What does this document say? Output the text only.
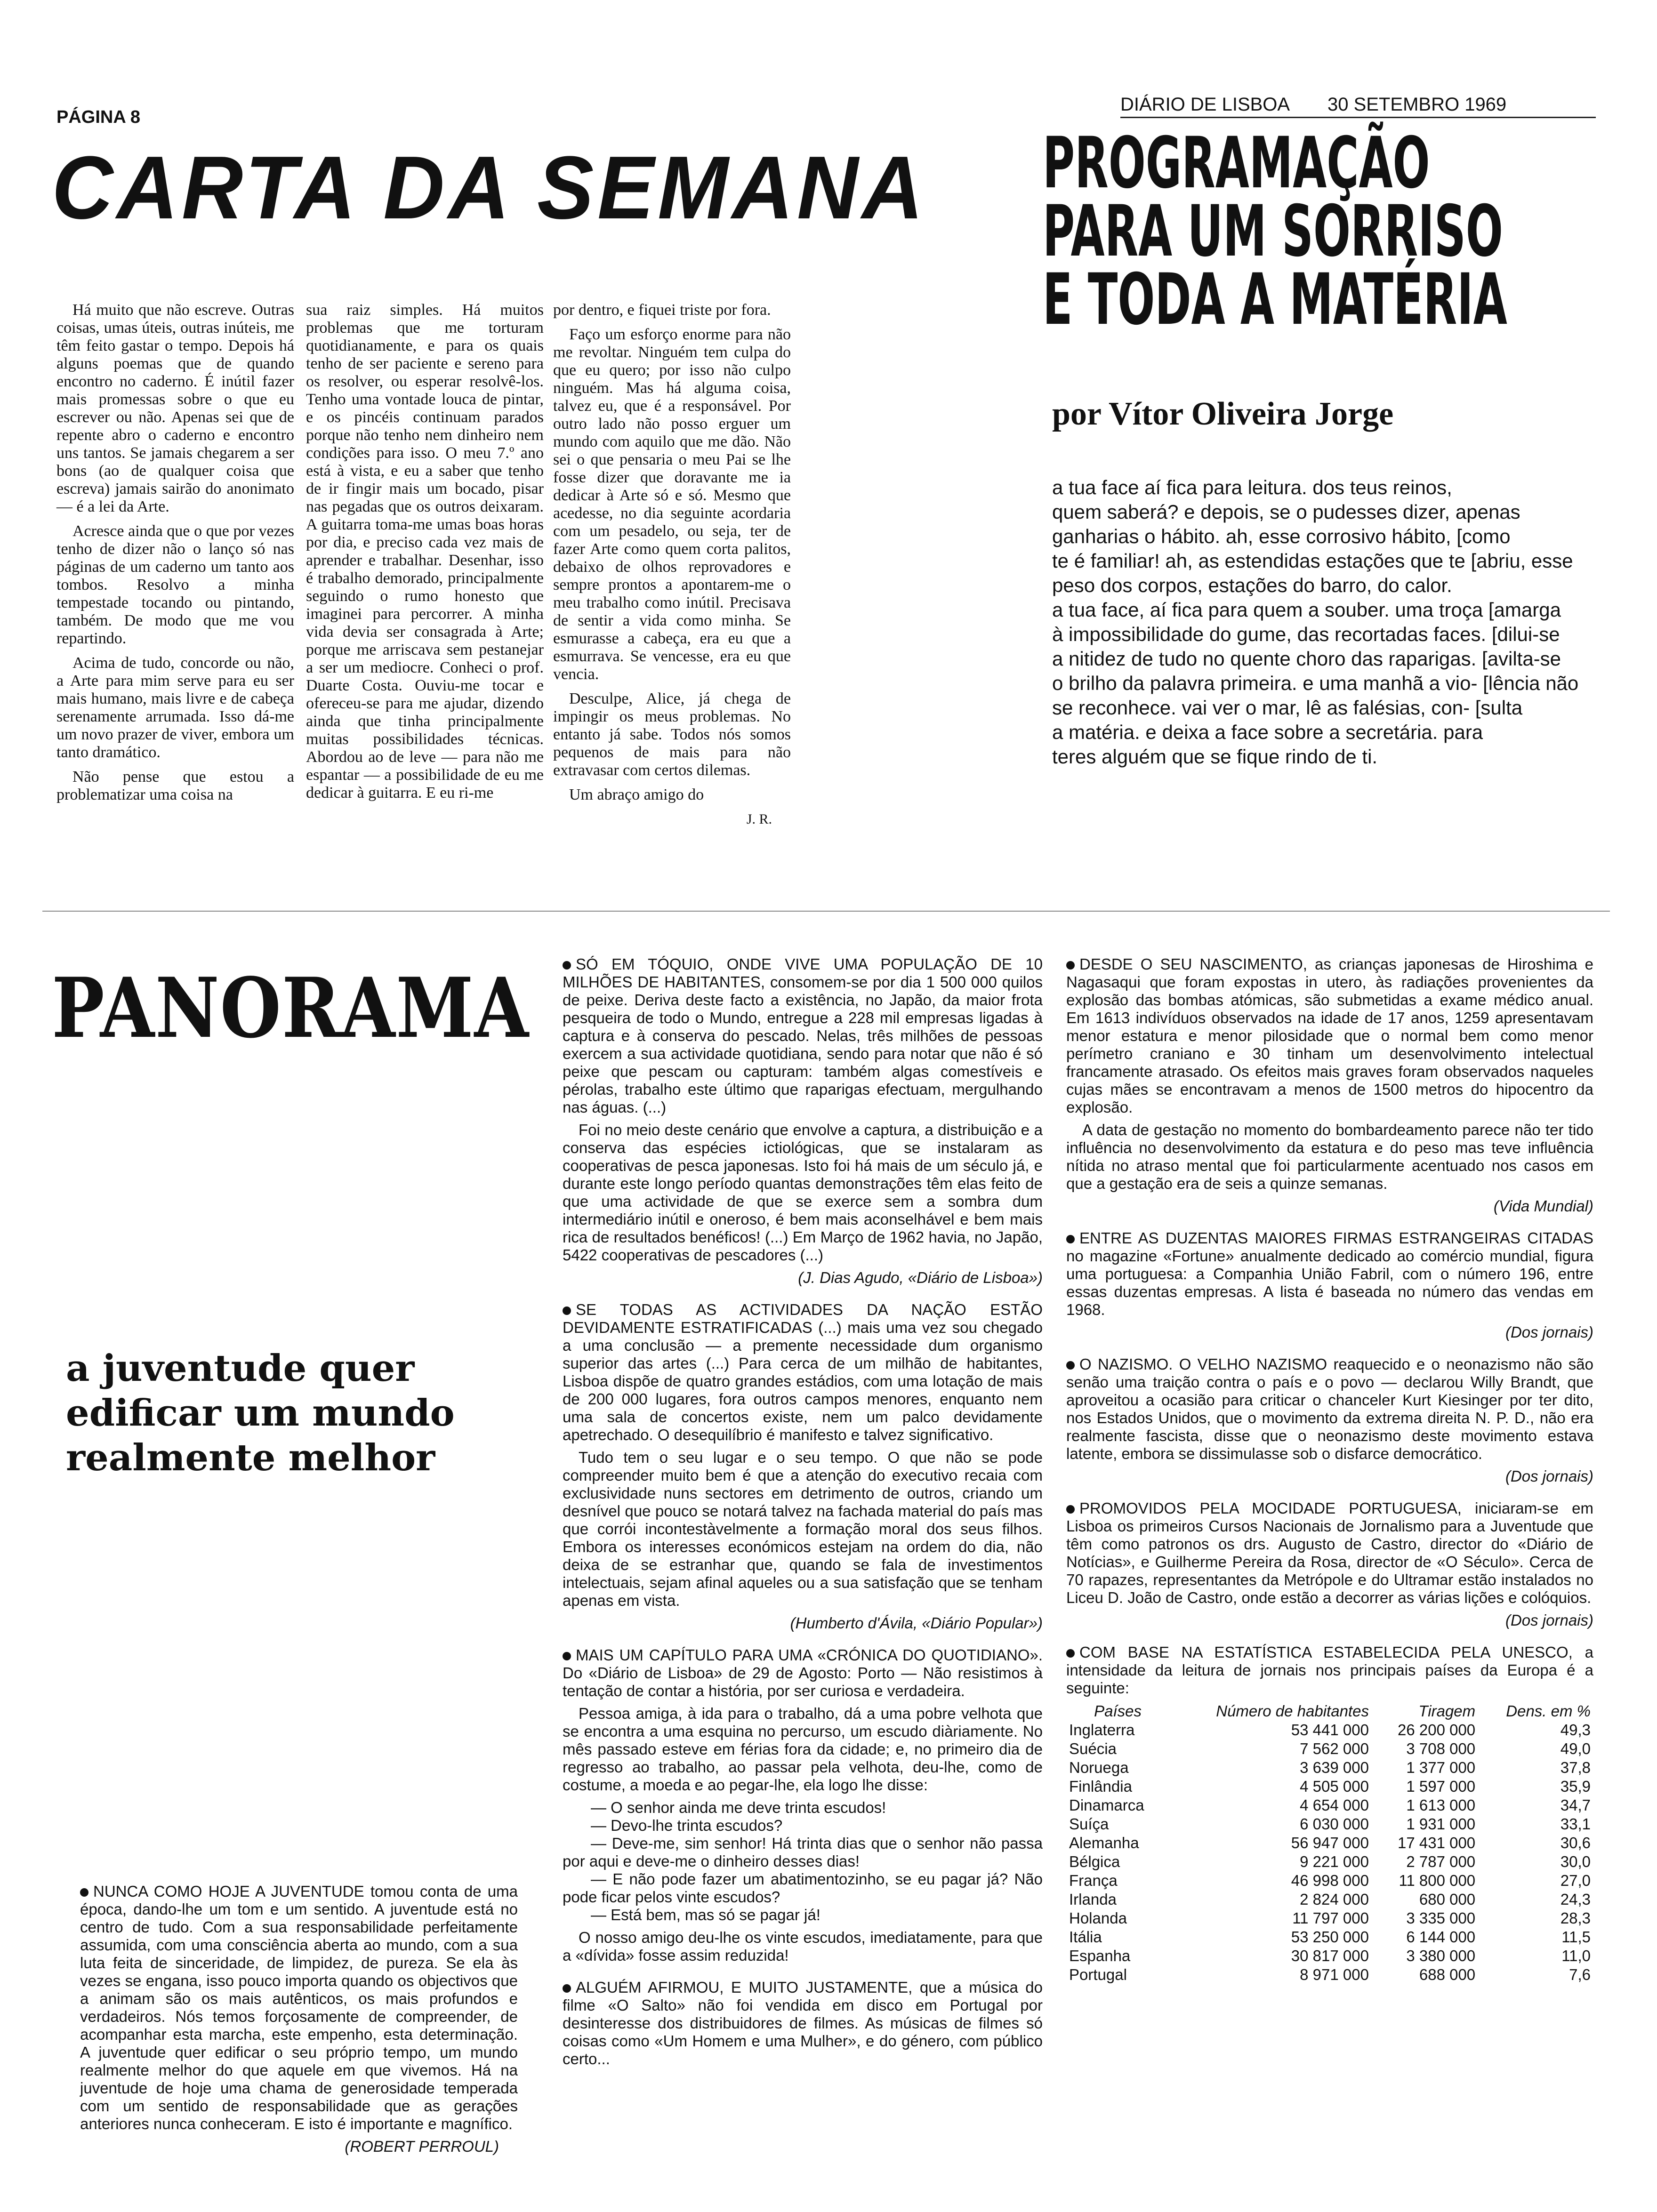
PÁGINA 8
DIÁRIO DE LISBOA 30 SETEMBRO 1969
CARTA DA SEMANA

Há muito que não escreve. Outras coisas, umas úteis, outras inúteis, me têm feito gastar o tempo. Depois há alguns poemas que de quando encontro no caderno. É inútil fazer mais promessas sobre o que eu escrever ou não. Apenas sei que de repente abro o caderno e encontro uns tantos. Se jamais chegarem a ser bons (ao de qualquer coisa que escreva) jamais sairão do anonimato — é a lei da Arte.

Acresce ainda que o que por vezes tenho de dizer não o lanço só nas páginas de um caderno um tanto aos tombos. Resolvo a minha tempestade tocando ou pintando, também. De modo que me vou repartindo.

Acima de tudo, concorde ou não, a Arte para mim serve para eu ser mais humano, mais livre e de cabeça serenamente arrumada. Isso dá-me um novo prazer de viver, embora um tanto dramático.

Não pense que estou a problematizar uma coisa na

sua raiz simples. Há muitos problemas que me torturam quotidianamente, e para os quais tenho de ser paciente e sereno para os resolver, ou esperar resolvê-los. Tenho uma vontade louca de pintar, e os pincéis continuam parados porque não tenho nem dinheiro nem condições para isso. O meu 7.º ano está à vista, e eu a saber que tenho de ir fingir mais um bocado, pisar nas pegadas que os outros deixaram. A guitarra toma-me umas boas horas por dia, e preciso cada vez mais de aprender e trabalhar. Desenhar, isso é trabalho demorado, principalmente seguindo o rumo honesto que imaginei para percorrer. A minha vida devia ser consagrada à Arte; porque me arriscava sem pestanejar a ser um mediocre. Conheci o prof. Duarte Costa. Ouviu-me tocar e ofereceu-se para me ajudar, dizendo ainda que tinha principalmente muitas possibilidades técnicas. Abordou ao de leve — para não me espantar — a possibilidade de eu me dedicar à guitarra. E eu ri-me

por dentro, e fiquei triste por fora.

Faço um esforço enorme para não me revoltar. Ninguém tem culpa do que eu quero; por isso não culpo ninguém. Mas há alguma coisa, talvez eu, que é a responsável. Por outro lado não posso erguer um mundo com aquilo que me dão. Não sei o que pensaria o meu Pai se lhe fosse dizer que doravante me ia dedicar à Arte só e só. Mesmo que acedesse, no dia seguinte acordaria com um pesadelo, ou seja, ter de fazer Arte como quem corta palitos, debaixo de olhos reprovadores e sempre prontos a apontarem-me o meu trabalho como inútil. Precisava de sentir a vida como minha. Se esmurasse a cabeça, era eu que a esmurrava. Se vencesse, era eu que vencia.

Desculpe, Alice, já chega de impingir os meus problemas. No entanto já sabe. Todos nós somos pequenos de mais para não extravasar com certos dilemas.

Um abraço amigo do

J. R.
PROGRAMAÇÃO
PARA UM SORRISO
E TODA A MATÉRIA
por Vítor Oliveira Jorge
a tua face aí fica para leitura. dos teus reinos,
quem saberá? e depois, se o pudesses dizer, apenas
ganharias o hábito. ah, esse corrosivo hábito, [como
te é familiar! ah, as estendidas estações que te [abriu, esse
peso dos corpos, estações do barro, do calor.
a tua face, aí fica para quem a souber. uma troça [amarga
à impossibilidade do gume, das recortadas faces. [dilui-se
a nitidez de tudo no quente choro das raparigas. [avilta-se
o brilho da palavra primeira. e uma manhã a vio- [lência não
se reconhece. vai ver o mar, lê as falésias, con- [sulta
a matéria. e deixa a face sobre a secretária. para
teres alguém que se fique rindo de ti.
PANORAMA
a juventude quer
edificar um mundo
realmente melhor

NUNCA COMO HOJE A JUVENTUDE tomou conta de uma época, dando-lhe um tom e um sentido. A juventude está no centro de tudo. Com a sua responsabilidade perfeitamente assumida, com uma consciência aberta ao mundo, com a sua luta feita de sinceridade, de limpidez, de pureza. Se ela às vezes se engana, isso pouco importa quando os objectivos que a animam são os mais autênticos, os mais profundos e verdadeiros. Nós temos forçosamente de compreender, de acompanhar esta marcha, este empenho, esta determinação. A juventude quer edificar o seu próprio tempo, um mundo realmente melhor do que aquele em que vivemos. Há na juventude de hoje uma chama de generosidade temperada com um sentido de responsabilidade que as gerações anteriores nunca conheceram. E isto é importante e magnífico.

(ROBERT PERROUL)

SÓ EM TÓQUIO, ONDE VIVE UMA POPULAÇÃO DE 10 MILHÕES DE HABITANTES, consomem-se por dia 1 500 000 quilos de peixe. Deriva deste facto a existência, no Japão, da maior frota pesqueira de todo o Mundo, entregue a 228 mil empresas ligadas à captura e à conserva do pescado. Nelas, três milhões de pessoas exercem a sua actividade quotidiana, sendo para notar que não é só peixe que pescam ou capturam: também algas comestíveis e pérolas, trabalho este último que raparigas efectuam, mergulhando nas águas. (...)

Foi no meio deste cenário que envolve a captura, a distribuição e a conserva das espécies ictiológicas, que se instalaram as cooperativas de pesca japonesas. Isto foi há mais de um século já, e durante este longo período quantas demonstrações têm elas feito de que uma actividade de que se exerce sem a sombra dum intermediário inútil e oneroso, é bem mais aconselhável e bem mais rica de resultados benéficos! (...) Em Março de 1962 havia, no Japão, 5422 cooperativas de pescadores (...)

(J. Dias Agudo, «Diário de Lisboa»)

SE TODAS AS ACTIVIDADES DA NAÇÃO ESTÃO DEVIDAMENTE ESTRATIFICADAS (...) mais uma vez sou chegado a uma conclusão — a premente necessidade dum organismo superior das artes (...) Para cerca de um milhão de habitantes, Lisboa dispõe de quatro grandes estádios, com uma lotação de mais de 200 000 lugares, fora outros campos menores, enquanto nem uma sala de concertos existe, nem um palco devidamente apetrechado. O desequilíbrio é manifesto e talvez significativo.

Tudo tem o seu lugar e o seu tempo. O que não se pode compreender muito bem é que a atenção do executivo recaia com exclusividade nuns sectores em detrimento de outros, criando um desnível que pouco se notará talvez na fachada material do país mas que corrói incontestàvelmente a formação moral dos seus filhos. Embora os interesses económicos estejam na ordem do dia, não deixa de se estranhar que, quando se fala de investimentos intelectuais, sejam afinal aqueles ou a sua satisfação que se tenham apenas em vista.

(Humberto d'Ávila, «Diário Popular»)

MAIS UM CAPÍTULO PARA UMA «CRÓNICA DO QUOTIDIANO». Do «Diário de Lisboa» de 29 de Agosto: Porto — Não resistimos à tentação de contar a história, por ser curiosa e verdadeira.

Pessoa amiga, à ida para o trabalho, dá a uma pobre velhota que se encontra a uma esquina no percurso, um escudo diàriamente. No mês passado esteve em férias fora da cidade; e, no primeiro dia de regresso ao trabalho, ao passar pela velhota, deu-lhe, como de costume, a moeda e ao pegar-lhe, ela logo lhe disse:

— O senhor ainda me deve trinta escudos!

— Devo-lhe trinta escudos?

— Deve-me, sim senhor! Há trinta dias que o senhor não passa por aqui e deve-me o dinheiro desses dias!

— E não pode fazer um abatimentozinho, se eu pagar já? Não pode ficar pelos vinte escudos?

— Está bem, mas só se pagar já!

O nosso amigo deu-lhe os vinte escudos, imediatamente, para que a «dívida» fosse assim reduzida!

ALGUÉM AFIRMOU, E MUITO JUSTAMENTE, que a música do filme «O Salto» não foi vendida em disco em Portugal por desinteresse dos distribuidores de filmes. As músicas de filmes só coisas como «Um Homem e uma Mulher», e do género, com público certo...

DESDE O SEU NASCIMENTO, as crianças japonesas de Hiroshima e Nagasaqui que foram expostas in utero, às radiações provenientes da explosão das bombas atómicas, são submetidas a exame médico anual. Em 1613 indivíduos observados na idade de 17 anos, 1259 apresentavam menor estatura e menor pilosidade que o normal bem como menor perímetro craniano e 30 tinham um desenvolvimento intelectual francamente atrasado. Os efeitos mais graves foram observados naqueles cujas mães se encontravam a menos de 1500 metros do hipocentro da explosão.

A data de gestação no momento do bombardeamento parece não ter tido influência no desenvolvimento da estatura e do peso mas teve influência nítida no atraso mental que foi particularmente acentuado nos casos em que a gestação era de seis a quinze semanas.

(Vida Mundial)

ENTRE AS DUZENTAS MAIORES FIRMAS ESTRANGEIRAS CITADAS no magazine «Fortune» anualmente dedicado ao comércio mundial, figura uma portuguesa: a Companhia União Fabril, com o número 196, entre essas duzentas empresas. A lista é baseada no número das vendas em 1968.

(Dos jornais)

O NAZISMO. O VELHO NAZISMO reaquecido e o neonazismo não são senão uma traição contra o país e o povo — declarou Willy Brandt, que aproveitou a ocasião para criticar o chanceler Kurt Kiesinger por ter dito, nos Estados Unidos, que o movimento da extrema direita N. P. D., não era realmente fascista, disse que o neonazismo deste movimento estava latente, embora se dissimulasse sob o disfarce democrático.

(Dos jornais)

PROMOVIDOS PELA MOCIDADE PORTUGUESA, iniciaram-se em Lisboa os primeiros Cursos Nacionais de Jornalismo para a Juventude que têm como patronos os drs. Augusto de Castro, director do «Diário de Notícias», e Guilherme Pereira da Rosa, director de «O Século». Cerca de 70 rapazes, representantes da Metrópole e do Ultramar estão instalados no Liceu D. João de Castro, onde estão a decorrer as várias lições e colóquios.

(Dos jornais)

COM BASE NA ESTATÍSTICA ESTABELECIDA PELA UNESCO, a intensidade da leitura de jornais nos principais países da Europa é a seguinte:

Países	Número de habitantes	Tiragem	Dens. em %
Inglaterra	53 441 000	26 200 000	49,3
Suécia	7 562 000	3 708 000	49,0
Noruega	3 639 000	1 377 000	37,8
Finlândia	4 505 000	1 597 000	35,9
Dinamarca	4 654 000	1 613 000	34,7
Suíça	6 030 000	1 931 000	33,1
Alemanha	56 947 000	17 431 000	30,6
Bélgica	9 221 000	2 787 000	30,0
França	46 998 000	11 800 000	27,0
Irlanda	2 824 000	680 000	24,3
Holanda	11 797 000	3 335 000	28,3
Itália	53 250 000	6 144 000	11,5
Espanha	30 817 000	3 380 000	11,0
Portugal	8 971 000	688 000	7,6
